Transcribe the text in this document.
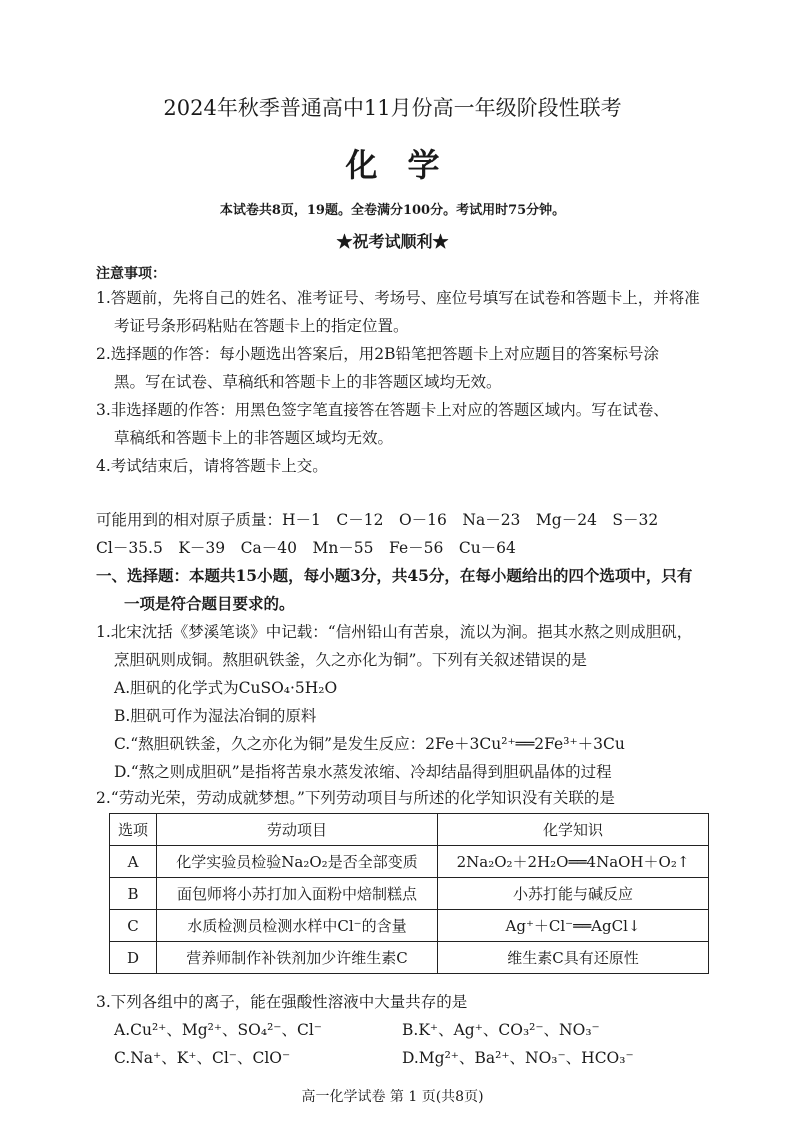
2024年秋季普通高中11月份高一年级阶段性联考
化学
本试卷共8页，19题。全卷满分100分。考试用时75分钟。
★祝考试顺利★
注意事项：
1.答题前，先将自己的姓名、准考证号、考场号、座位号填写在试卷和答题卡上，并将准
考证号条形码粘贴在答题卡上的指定位置。
2.选择题的作答：每小题选出答案后，用2B铅笔把答题卡上对应题目的答案标号涂
黑。写在试卷、草稿纸和答题卡上的非答题区域均无效。
3.非选择题的作答：用黑色签字笔直接答在答题卡上对应的答题区域内。写在试卷、
草稿纸和答题卡上的非答题区域均无效。
4.考试结束后，请将答题卡上交。
可能用到的相对原子质量：H－1　C－12　O－16　Na－23　Mg－24　S－32
Cl－35.5　K－39　Ca－40　Mn－55　Fe－56　Cu－64
一、选择题：本题共15小题，每小题3分，共45分，在每小题给出的四个选项中，只有
一项是符合题目要求的。
1.北宋沈括《梦溪笔谈》中记载：“信州铅山有苦泉，流以为涧。挹其水熬之则成胆矾，
烹胆矾则成铜。熬胆矾铁釜，久之亦化为铜”。下列有关叙述错误的是
A.胆矾的化学式为CuSO₄·5H₂O
B.胆矾可作为湿法冶铜的原料
C.“熬胆矾铁釜，久之亦化为铜”是发生反应：2Fe＋3Cu²⁺══2Fe³⁺＋3Cu
D.“熬之则成胆矾”是指将苦泉水蒸发浓缩、冷却结晶得到胆矾晶体的过程
2.“劳动光荣，劳动成就梦想。”下列劳动项目与所述的化学知识没有关联的是
选项	劳动项目	化学知识
A	化学实验员检验Na₂O₂是否全部变质	2Na₂O₂＋2H₂O══4NaOH＋O₂↑
B	面包师将小苏打加入面粉中焙制糕点	小苏打能与碱反应
C	水质检测员检测水样中Cl⁻的含量	Ag⁺＋Cl⁻══AgCl↓
D	营养师制作补铁剂加少许维生素C	维生素C具有还原性
3.下列各组中的离子，能在强酸性溶液中大量共存的是
A.Cu²⁺、Mg²⁺、SO₄²⁻、Cl⁻	B.K⁺、Ag⁺、CO₃²⁻、NO₃⁻
C.Na⁺、K⁺、Cl⁻、ClO⁻	D.Mg²⁺、Ba²⁺、NO₃⁻、HCO₃⁻
高一化学试卷 第 1 页(共8页)
